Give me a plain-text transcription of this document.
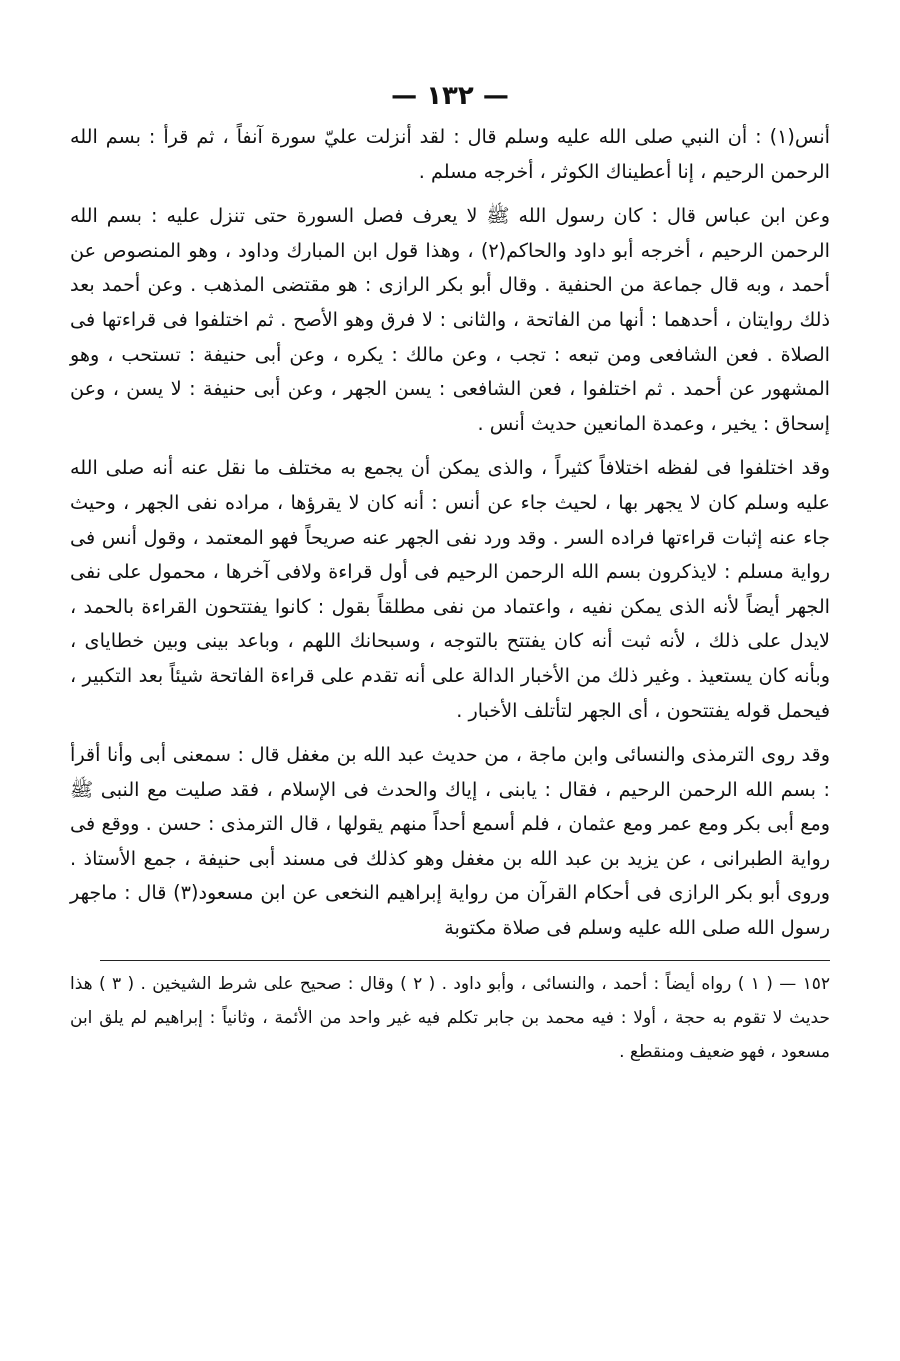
— ١٣٢ —

أنس(١) : أن النبي صلى الله عليه وسلم قال : لقد أنزلت عليّ سورة آنفاً ، ثم قرأ : بسم الله الرحمن الرحيم ، إنا أعطيناك الكوثر ، أخرجه مسلم .

وعن ابن عباس قال : كان رسول الله ﷺ لا يعرف فصل السورة حتى تنزل عليه : بسم الله الرحمن الرحيم ، أخرجه أبو داود والحاكم(٢) ، وهذا قول ابن المبارك وداود ، وهو المنصوص عن أحمد ، وبه قال جماعة من الحنفية . وقال أبو بكر الرازى : هو مقتضى المذهب . وعن أحمد بعد ذلك روايتان ، أحدهما : أنها من الفاتحة ، والثانى : لا فرق وهو الأصح . ثم اختلفوا فى قراءتها فى الصلاة . فعن الشافعى ومن تبعه : تجب ، وعن مالك : يكره ، وعن أبى حنيفة : تستحب ، وهو المشهور عن أحمد . ثم اختلفوا ، فعن الشافعى : يسن الجهر ، وعن أبى حنيفة : لا يسن ، وعن إسحاق : يخير ، وعمدة المانعين حديث أنس .

وقد اختلفوا فى لفظه اختلافاً كثيراً ، والذى يمكن أن يجمع به مختلف ما نقل عنه أنه صلى الله عليه وسلم كان لا يجهر بها ، لحيث جاء عن أنس : أنه كان لا يقرؤها ، مراده نفى الجهر ، وحيث جاء عنه إثبات قراءتها فراده السر . وقد ورد نفى الجهر عنه صريحاً فهو المعتمد ، وقول أنس فى رواية مسلم : لايذكرون بسم الله الرحمن الرحيم فى أول قراءة ولافى آخرها ، محمول على نفى الجهر أيضاً لأنه الذى يمكن نفيه ، واعتماد من نفى مطلقاً بقول : كانوا يفتتحون القراءة بالحمد ، لايدل على ذلك ، لأنه ثبت أنه كان يفتتح بالتوجه ، وسبحانك اللهم ، وباعد بينى وبين خطاياى ، وبأنه كان يستعيذ . وغير ذلك من الأخبار الدالة على أنه تقدم على قراءة الفاتحة شيئاً بعد التكبير ، فيحمل قوله يفتتحون ، أى الجهر لتأتلف الأخبار .

وقد روى الترمذى والنسائى وابن ماجة ، من حديث عبد الله بن مغفل قال : سمعنى أبى وأنا أقرأ : بسم الله الرحمن الرحيم ، فقال : يابنى ، إياك والحدث فى الإسلام ، فقد صليت مع النبى ﷺ ومع أبى بكر ومع عمر ومع عثمان ، فلم أسمع أحداً منهم يقولها ، قال الترمذى : حسن . ووقع فى رواية الطبرانى ، عن يزيد بن عبد الله بن مغفل وهو كذلك فى مسند أبى حنيفة ، جمع الأستاذ . وروى أبو بكر الرازى فى أحكام القرآن من رواية إبراهيم النخعى عن ابن مسعود(٣) قال : ماجهر رسول الله صلى الله عليه وسلم فى صلاة مكتوبة

١٥٢ — ( ١ ) رواه أيضاً : أحمد ، والنسائى ، وأبو داود . ( ٢ ) وقال : صحيح على شرط الشيخين . ( ٣ ) هذا حديث لا تقوم به حجة ، أولا : فيه محمد بن جابر تكلم فيه غير واحد من الأئمة ، وثانياً : إبراهيم لم يلق ابن مسعود ، فهو ضعيف ومنقطع .
